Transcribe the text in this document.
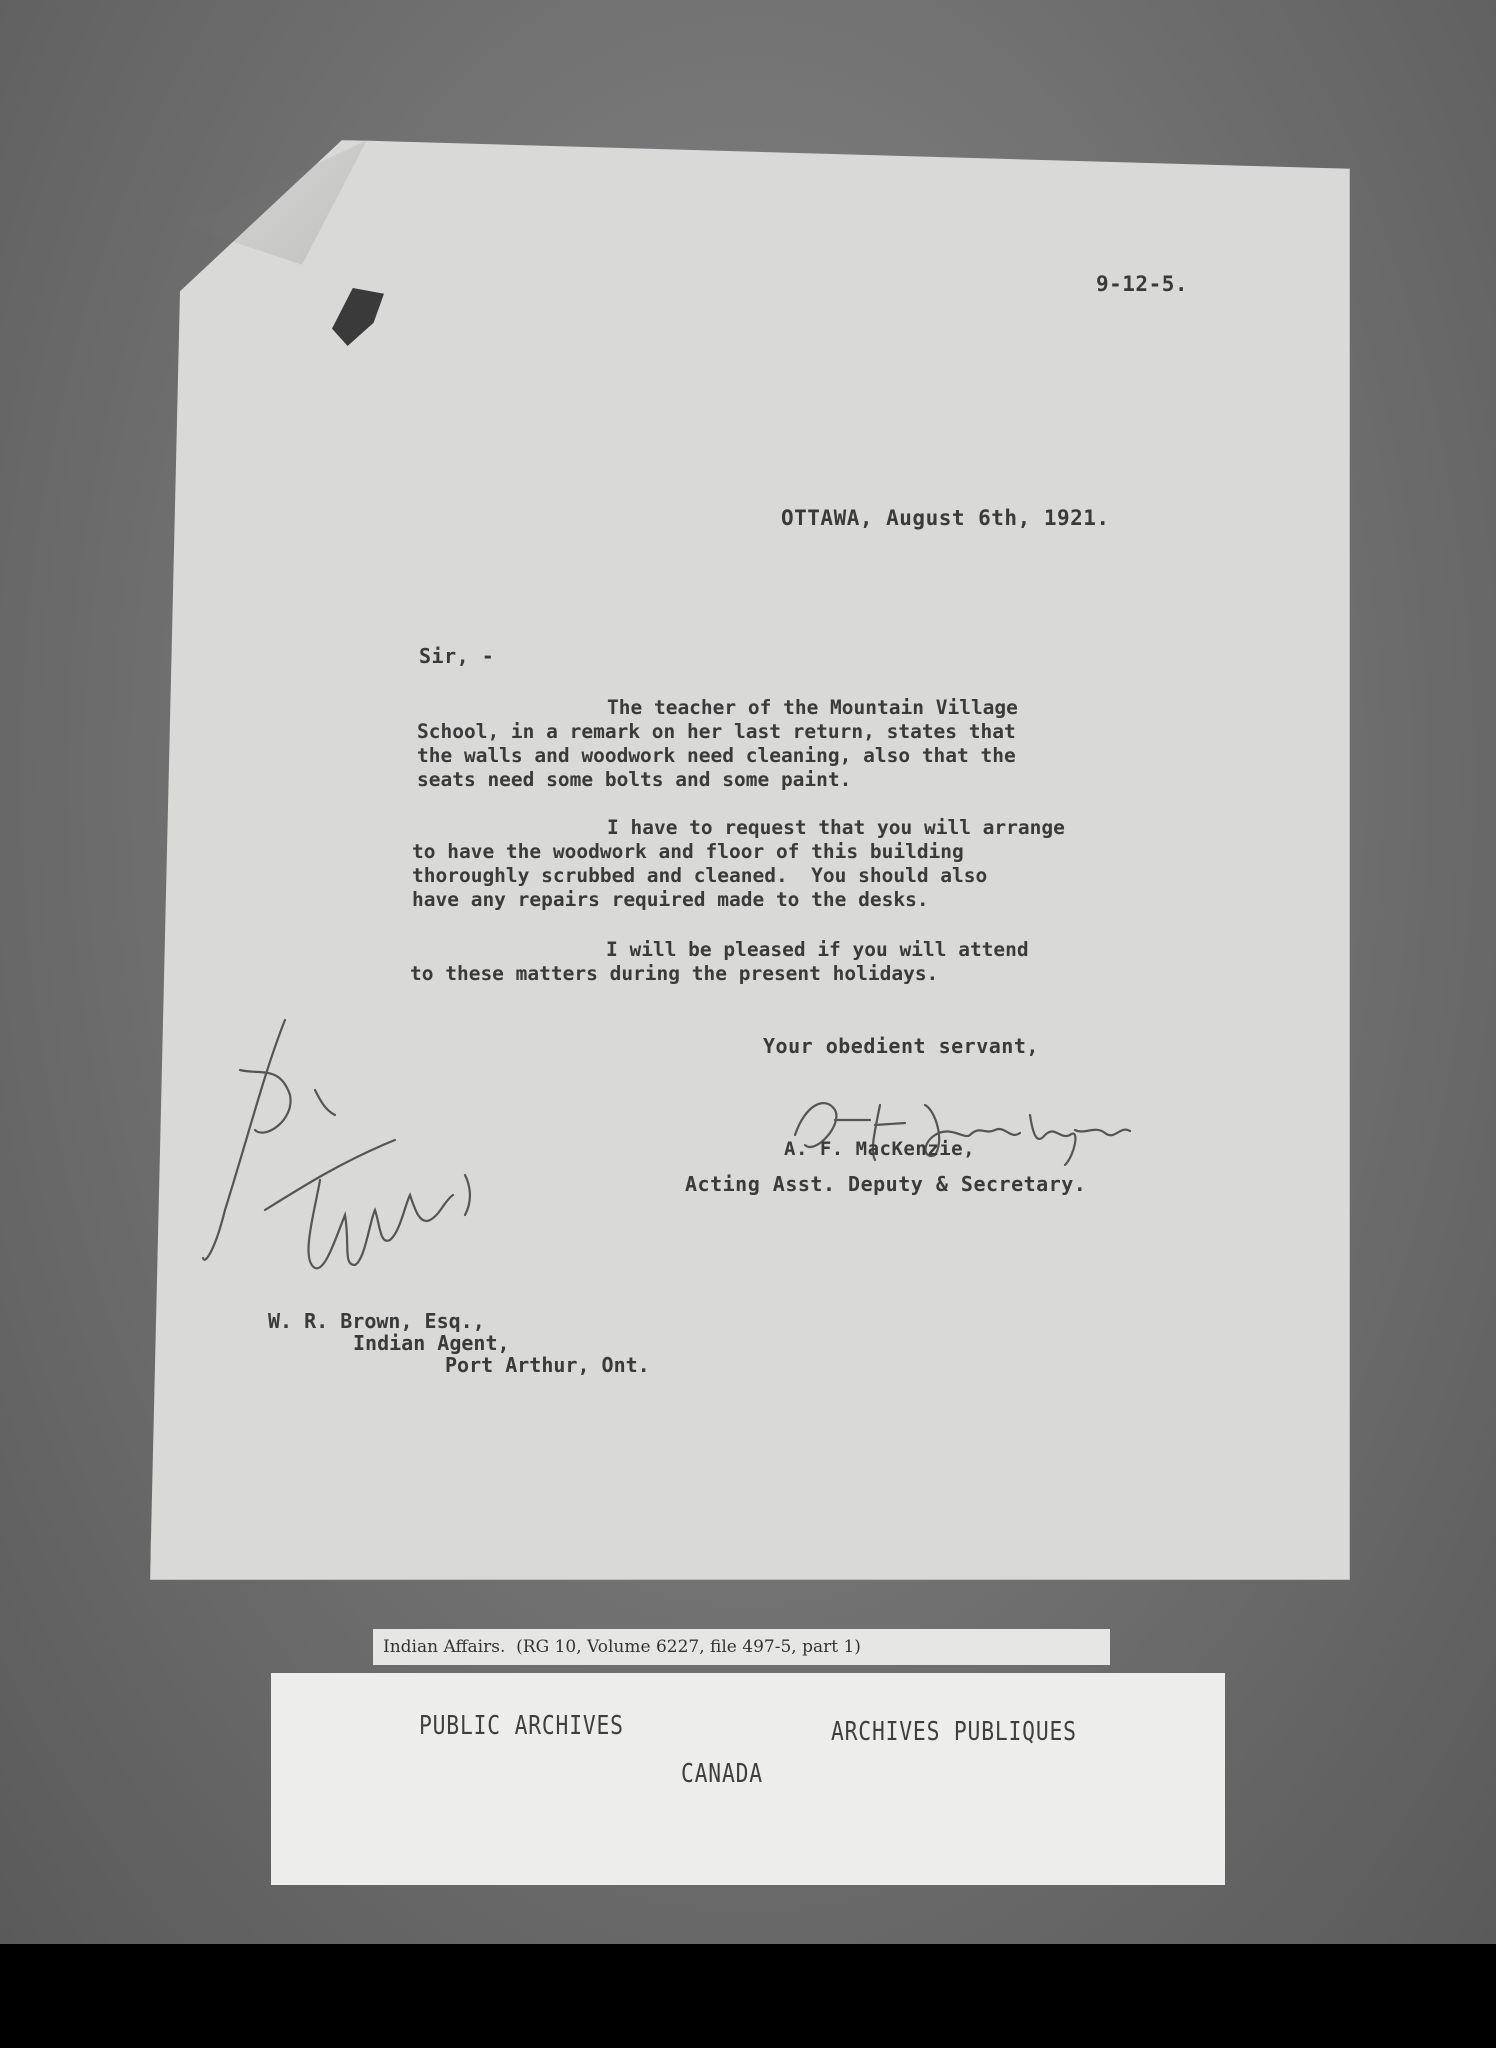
9-12-5.

OTTAWA, August 6th, 1921.

Sir, -

The teacher of the Mountain Village
School, in a remark on her last return, states that
the walls and woodwork need cleaning, also that the
seats need some bolts and some paint.
I have to request that you will arrange
to have the woodwork and floor of this building
thoroughly scrubbed and cleaned.  You should also
have any repairs required made to the desks.
I will be pleased if you will attend
to these matters during the present holidays.

Your obedient servant,

A. F. MacKenzie,

Acting Asst. Deputy & Secretary.

W. R. Brown, Esq.,
Indian Agent,
Port Arthur, Ont.
Indian Affairs.  (RG 10, Volume 6227, file 497-5, part 1)
PUBLIC ARCHIVES	ARCHIVES PUBLIQUES
CANADA
